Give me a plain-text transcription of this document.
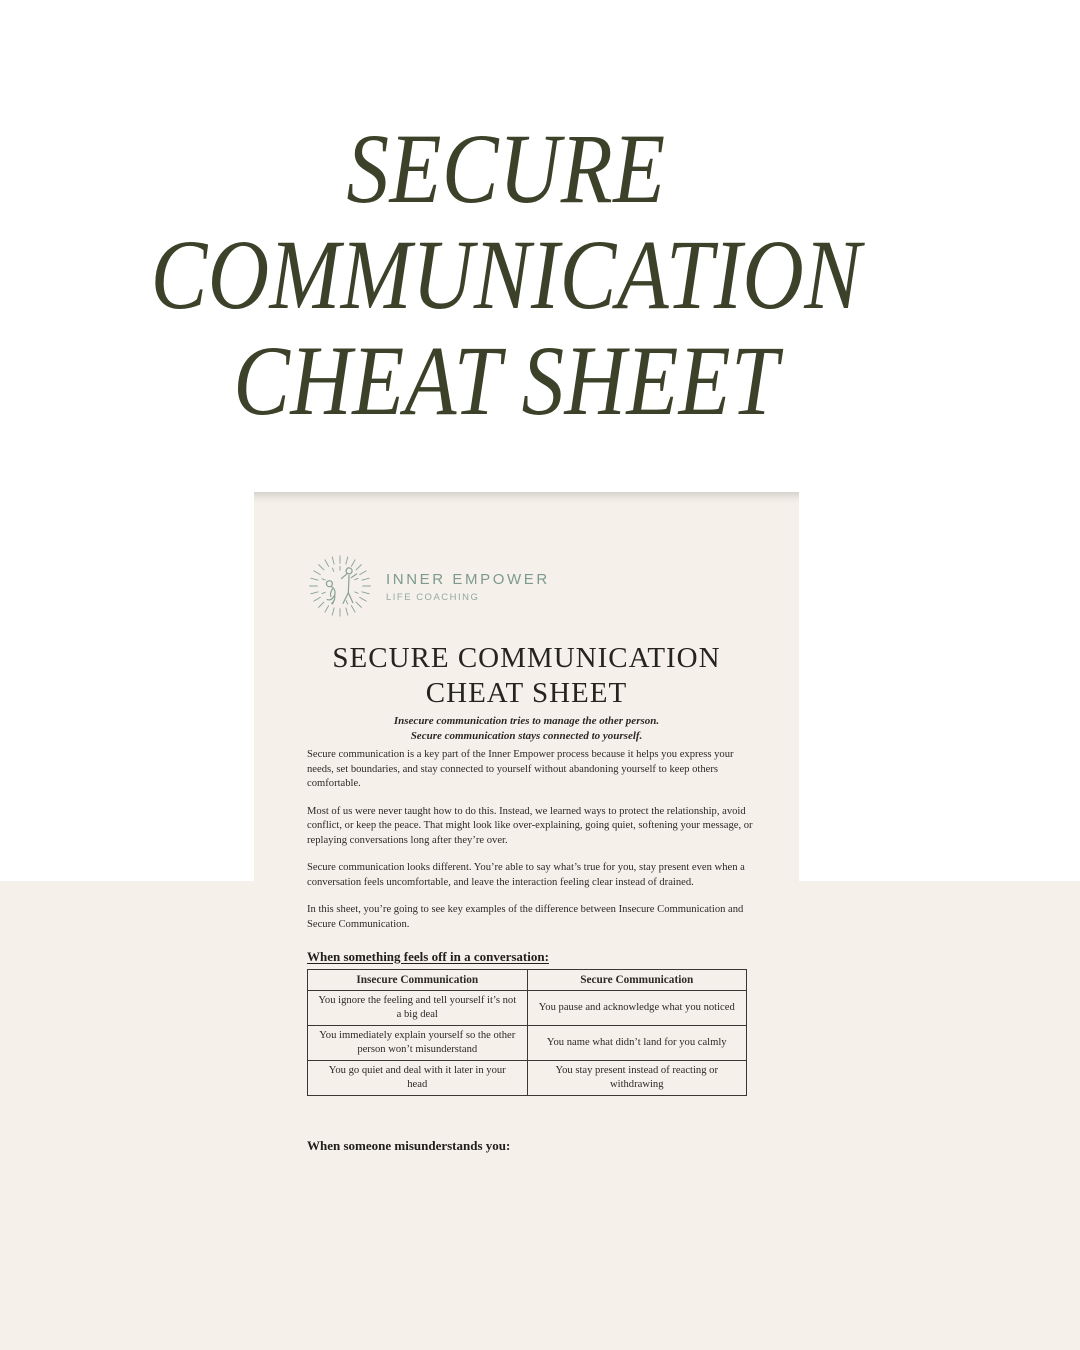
SECURE
COMMUNICATION
CHEAT SHEET
INNER EMPOWER
LIFE COACHING
SECURE COMMUNICATION
CHEAT SHEET
Insecure communication tries to manage the other person.
Secure communication stays connected to yourself.

Secure communication is a key part of the Inner Empower process because it helps you express your needs, set boundaries, and stay connected to yourself without abandoning yourself to keep others comfortable.

Most of us were never taught how to do this. Instead, we learned ways to protect the relationship, avoid conflict, or keep the peace. That might look like over-explaining, going quiet, softening your message, or replaying conversations long after they’re over.

Secure communication looks different. You’re able to say what’s true for you, stay present even when a conversation feels uncomfortable, and leave the interaction feeling clear instead of drained.

In this sheet, you’re going to see key examples of the difference between Insecure Communication and Secure Communication.

When something feels off in a conversation:
Insecure Communication	Secure Communication
You ignore the feeling and tell yourself it’s not a big deal	You pause and acknowledge what you noticed
You immediately explain yourself so the other person won’t misunderstand	You name what didn’t land for you calmly
You go quiet and deal with it later in your head	You stay present instead of reacting or withdrawing
When someone misunderstands you:
